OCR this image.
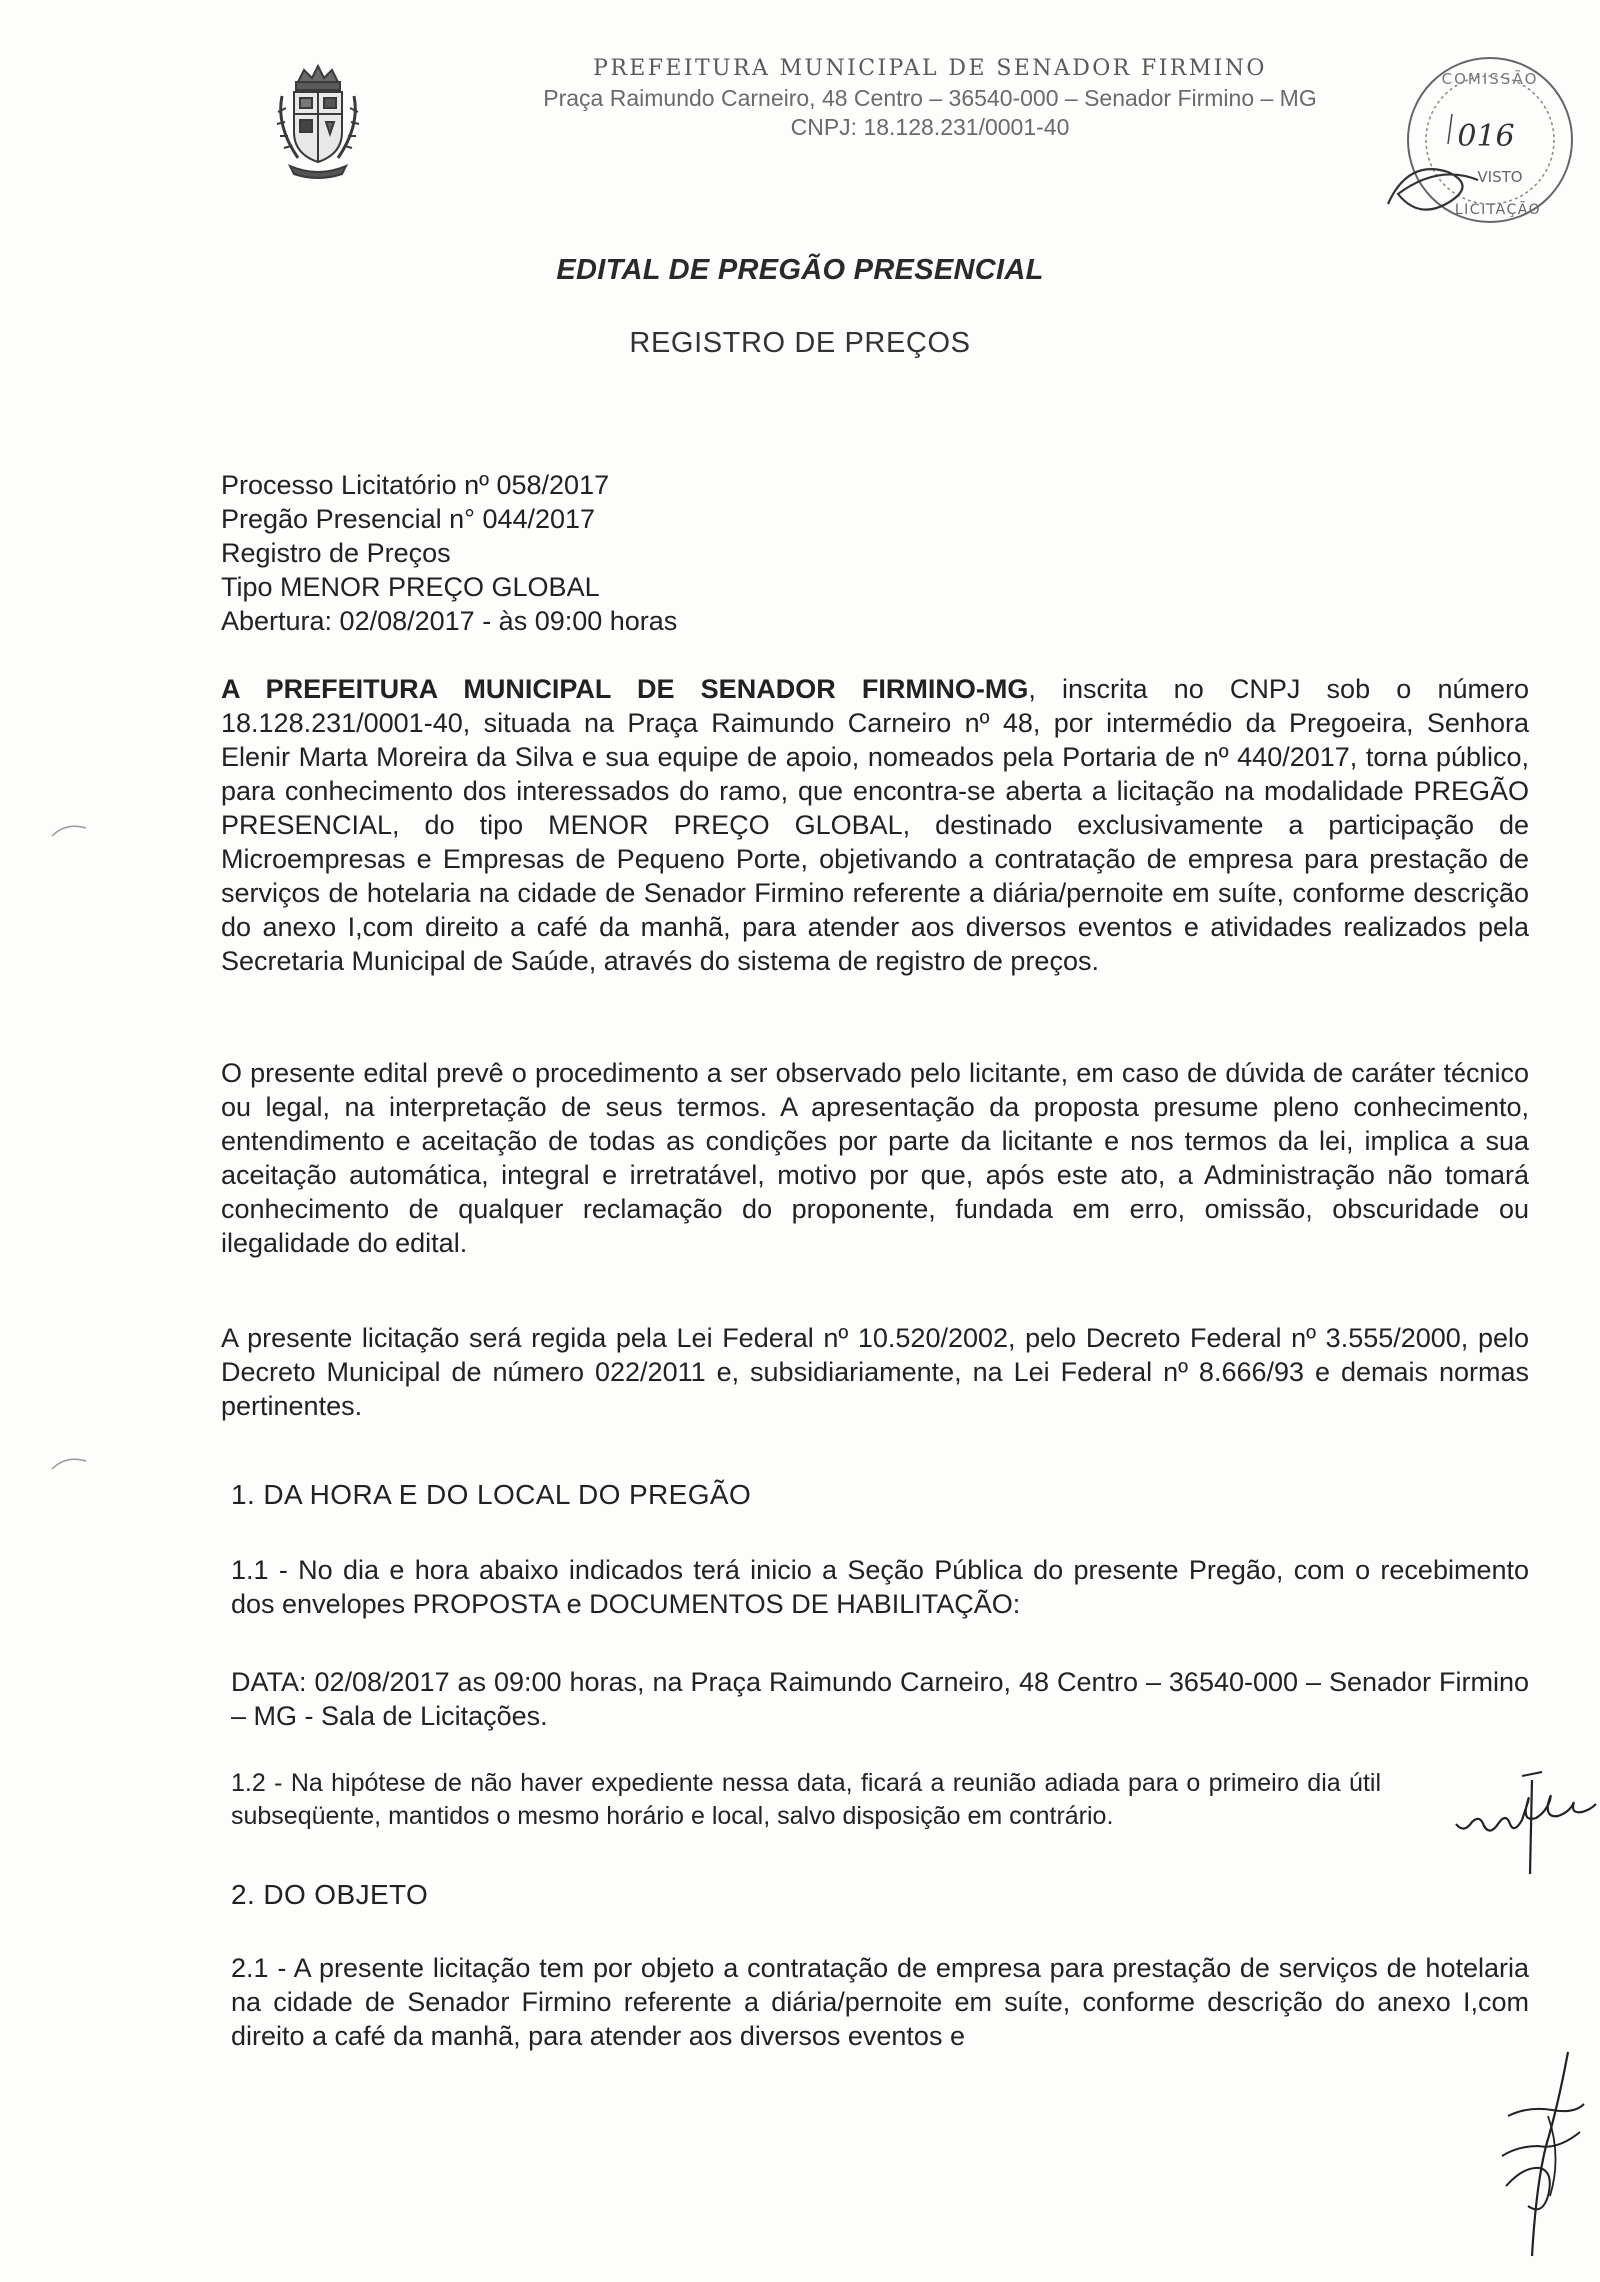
PREFEITURA MUNICIPAL DE SENADOR FIRMINO
Praça Raimundo Carneiro, 48 Centro – 36540-000 – Senador Firmino – MG
CNPJ: 18.128.231/0001-40
COMISSÃO
016
VISTO
LICITAÇÃO
EDITAL DE PREGÃO PRESENCIAL
REGISTRO DE PREÇOS
Processo Licitatório nº 058/2017
Pregão Presencial n° 044/2017
Registro de Preços
Tipo MENOR PREÇO GLOBAL
Abertura: 02/08/2017 - às 09:00 horas
A PREFEITURA MUNICIPAL DE SENADOR FIRMINO-MG, inscrita no CNPJ sob o número 18.128.231/0001-40, situada na Praça Raimundo Carneiro nº 48, por intermédio da Pregoeira, Senhora Elenir Marta Moreira da Silva e sua equipe de apoio, nomeados pela Portaria de nº 440/2017, torna público, para conhecimento dos interessados do ramo, que encontra-se aberta a licitação na modalidade PREGÃO PRESENCIAL, do tipo MENOR PREÇO GLOBAL, destinado exclusivamente a participação de Microempresas e Empresas de Pequeno Porte, objetivando a contratação de empresa para prestação de serviços de hotelaria na cidade de Senador Firmino referente a diária/pernoite em suíte, conforme descrição do anexo I,com direito a café da manhã, para atender aos diversos eventos e atividades realizados pela Secretaria Municipal de Saúde, através do sistema de registro de preços.
O presente edital prevê o procedimento a ser observado pelo licitante, em caso de dúvida de caráter técnico ou legal, na interpretação de seus termos. A apresentação da proposta presume pleno conhecimento, entendimento e aceitação de todas as condições por parte da licitante e nos termos da lei, implica a sua aceitação automática, integral e irretratável, motivo por que, após este ato, a Administração não tomará conhecimento de qualquer reclamação do proponente, fundada em erro, omissão, obscuridade ou ilegalidade do edital.
A presente licitação será regida pela Lei Federal nº 10.520/2002, pelo Decreto Federal nº 3.555/2000, pelo Decreto Municipal de número 022/2011 e, subsidiariamente, na Lei Federal nº 8.666/93 e demais normas pertinentes.
1. DA HORA E DO LOCAL DO PREGÃO
1.1 - No dia e hora abaixo indicados terá inicio a Seção Pública do presente Pregão, com o recebimento dos envelopes PROPOSTA e DOCUMENTOS DE HABILITAÇÃO:
DATA: 02/08/2017 as 09:00 horas, na Praça Raimundo Carneiro, 48 Centro – 36540-000 – Senador Firmino – MG - Sala de Licitações.
1.2 - Na hipótese de não haver expediente nessa data, ficará a reunião adiada para o primeiro dia útil subseqüente, mantidos o mesmo horário e local, salvo disposição em contrário.
2. DO OBJETO
2.1 - A presente licitação tem por objeto a contratação de empresa para prestação de serviços de hotelaria na cidade de Senador Firmino referente a diária/pernoite em suíte, conforme descrição do anexo I,com direito a café da manhã, para atender aos diversos eventos e
